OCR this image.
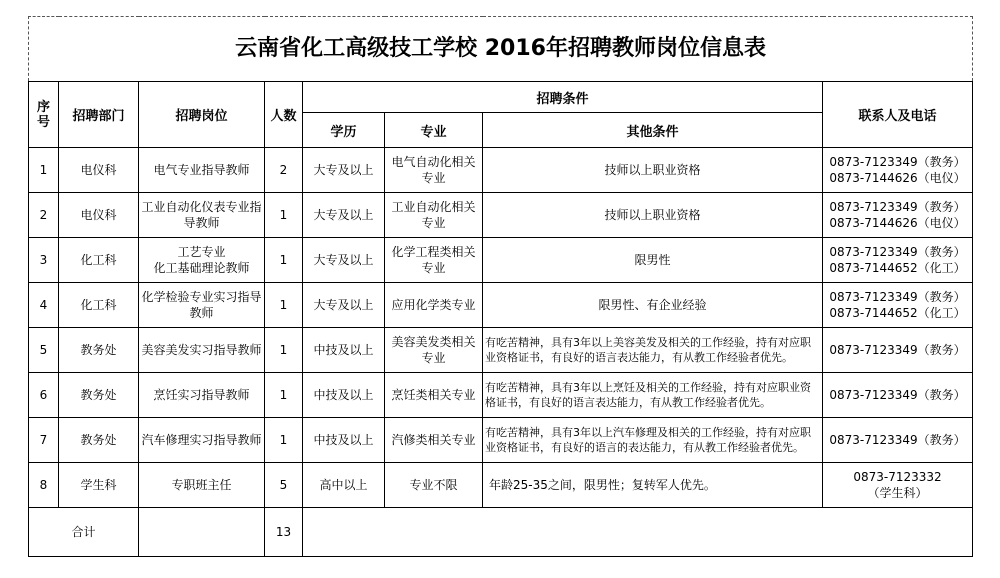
云南省化工高级技工学校 2016年招聘教师岗位信息表							
序号	招聘部门	招聘岗位	人数	招聘条件			联系人及电话
				学历	专业	其他条件	
1	电仪科	电气专业指导教师	2	大专及以上	电气自动化相关专业	技师以上职业资格	0873-7123349（教务）
0873-7144626（电仪）

2	电仪科	工业自动化仪表专业指导教师	1	大专及以上	工业自动化相关专业	技师以上职业资格	0873-7123349（教务）
0873-7144626（电仪）

3	化工科	工艺专业
化工基础理论教师	1	大专及以上	化学工程类相关专业	限男性	0873-7123349（教务）
0873-7144652（化工）

4	化工科	化学检验专业实习指导教师	1	大专及以上	应用化学类专业	限男性、有企业经验	0873-7123349（教务）
0873-7144652（化工）

5	教务处	美容美发实习指导教师	1	中技及以上	美容美发类相关专业	有吃苦精神，具有3年以上美容美发及相关的工作经验，持有对应职业资格证书，有良好的语言表达能力，有从教工作经验者优先。	0873-7123349（教务）
6	教务处	烹饪实习指导教师	1	中技及以上	烹饪类相关专业	有吃苦精神，具有3年以上烹饪及相关的工作经验，持有对应职业资格证书，有良好的语言表达能力，有从教工作经验者优先。	0873-7123349（教务）
7	教务处	汽车修理实习指导教师	1	中技及以上	汽修类相关专业	有吃苦精神，具有3年以上汽车修理及相关的工作经验，持有对应职业资格证书，有良好的语言的表达能力，有从教工作经验者优先。	0873-7123349（教务）
8	学生科	专职班主任	5	高中以上	专业不限	年龄25-35之间，限男性；复转军人优先。	0873-7123332
（学生科）

合计			13				
